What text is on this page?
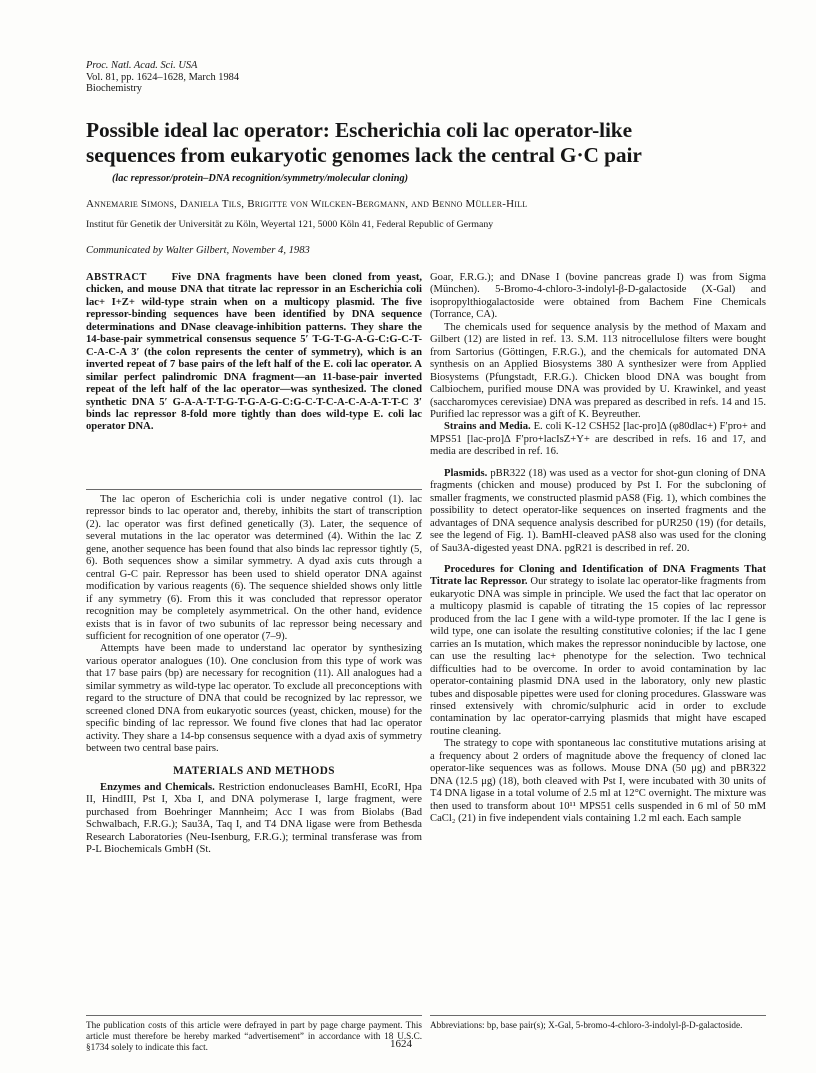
Proc. Natl. Acad. Sci. USA
Vol. 81, pp. 1624–1628, March 1984
Biochemistry
Possible ideal lac operator: Escherichia coli lac operator-like
sequences from eukaryotic genomes lack the central G·C pair
(lac repressor/protein–DNA recognition/symmetry/molecular cloning)
Annemarie Simons, Daniela Tils, Brigitte von Wilcken-Bergmann, and Benno Müller-Hill
Institut für Genetik der Universität zu Köln, Weyertal 121, 5000 Köln 41, Federal Republic of Germany
Communicated by Walter Gilbert, November 4, 1983

ABSTRACT Five DNA fragments have been cloned from yeast, chicken, and mouse DNA that titrate lac repressor in an Escherichia coli lac+ I+Z+ wild-type strain when on a multicopy plasmid. The five repressor-binding sequences have been identified by DNA sequence determinations and DNase cleavage-inhibition patterns. They share the 14-base-pair symmetrical consensus sequence 5′ T-G-T-G-A-G-C:G-C-T-C-A-C-A 3′ (the colon represents the center of symmetry), which is an inverted repeat of 7 base pairs of the left half of the E. coli lac operator. A similar perfect palindromic DNA fragment—an 11-base-pair inverted repeat of the left half of the lac operator—was synthesized. The cloned synthetic DNA 5′ G-A-A-T-T-G-T-G-A-G-C:G-C-T-C-A-C-A-A-T-T-C 3′ binds lac repressor 8-fold more tightly than does wild-type E. coli lac operator DNA.

The lac operon of Escherichia coli is under negative control (1). lac repressor binds to lac operator and, thereby, inhibits the start of transcription (2). lac operator was first defined genetically (3). Later, the sequence of several mutations in the lac operator was determined (4). Within the lac Z gene, another sequence has been found that also binds lac repressor tightly (5, 6). Both sequences show a similar symmetry. A dyad axis cuts through a central G-C pair. Repressor has been used to shield operator DNA against modification by various reagents (6). The sequence shielded shows only little if any symmetry (6). From this it was concluded that repressor operator recognition may be completely asymmetrical. On the other hand, evidence exists that is in favor of two subunits of lac repressor being necessary and sufficient for recognition of one operator (7–9).

Attempts have been made to understand lac operator by synthesizing various operator analogues (10). One conclusion from this type of work was that 17 base pairs (bp) are necessary for recognition (11). All analogues had a similar symmetry as wild-type lac operator. To exclude all preconceptions with regard to the structure of DNA that could be recognized by lac repressor, we screened cloned DNA from eukaryotic sources (yeast, chicken, mouse) for the specific binding of lac repressor. We found five clones that had lac operator activity. They share a 14-bp consensus sequence with a dyad axis of symmetry between two central base pairs.

MATERIALS AND METHODS

Enzymes and Chemicals. Restriction endonucleases BamHI, EcoRI, Hpa II, HindIII, Pst I, Xba I, and DNA polymerase I, large fragment, were purchased from Boehringer Mannheim; Acc I was from Biolabs (Bad Schwalbach, F.R.G.); Sau3A, Taq I, and T4 DNA ligase were from Bethesda Research Laboratories (Neu-Isenburg, F.R.G.); terminal transferase was from P-L Biochemicals GmbH (St.

The publication costs of this article were defrayed in part by page charge payment. This article must therefore be hereby marked “advertisement” in accordance with 18 U.S.C. §1734 solely to indicate this fact.

Goar, F.R.G.); and DNase I (bovine pancreas grade I) was from Sigma (München). 5-Bromo-4-chloro-3-indolyl-β-D-galactoside (X-Gal) and isopropylthiogalactoside were obtained from Bachem Fine Chemicals (Torrance, CA).

The chemicals used for sequence analysis by the method of Maxam and Gilbert (12) are listed in ref. 13. S.M. 113 nitrocellulose filters were bought from Sartorius (Göttingen, F.R.G.), and the chemicals for automated DNA synthesis on an Applied Biosystems 380 A synthesizer were from Applied Biosystems (Pfungstadt, F.R.G.). Chicken blood DNA was bought from Calbiochem, purified mouse DNA was provided by U. Krawinkel, and yeast (saccharomyces cerevisiae) DNA was prepared as described in refs. 14 and 15. Purified lac repressor was a gift of K. Beyreuther.

Strains and Media. E. coli K-12 CSH52 [lac-pro]Δ (φ80dlac+) F′pro+ and MPS51 [lac-pro]Δ F′pro+lacIsZ+Y+ are described in refs. 16 and 17, and media are described in ref. 16.

Plasmids. pBR322 (18) was used as a vector for shot-gun cloning of DNA fragments (chicken and mouse) produced by Pst I. For the subcloning of smaller fragments, we constructed plasmid pAS8 (Fig. 1), which combines the possibility to detect operator-like sequences on inserted fragments and the advantages of DNA sequence analysis described for pUR250 (19) (for details, see the legend of Fig. 1). BamHI-cleaved pAS8 also was used for the cloning of Sau3A-digested yeast DNA. pgR21 is described in ref. 20.

Procedures for Cloning and Identification of DNA Fragments That Titrate lac Repressor. Our strategy to isolate lac operator-like fragments from eukaryotic DNA was simple in principle. We used the fact that lac operator on a multicopy plasmid is capable of titrating the 15 copies of lac repressor produced from the lac I gene with a wild-type promoter. If the lac I gene is wild type, one can isolate the resulting constitutive colonies; if the lac I gene carries an Is mutation, which makes the repressor noninducible by lactose, one can use the resulting lac+ phenotype for the selection. Two technical difficulties had to be overcome. In order to avoid contamination by lac operator-containing plasmid DNA used in the laboratory, only new plastic tubes and disposable pipettes were used for cloning procedures. Glassware was rinsed extensively with chromic/sulphuric acid in order to exclude contamination by lac operator-carrying plasmids that might have escaped routine cleaning.

The strategy to cope with spontaneous lac constitutive mutations arising at a frequency about 2 orders of magnitude above the frequency of cloned lac operator-like sequences was as follows. Mouse DNA (50 μg) and pBR322 DNA (12.5 μg) (18), both cleaved with Pst I, were incubated with 30 units of T4 DNA ligase in a total volume of 2.5 ml at 12°C overnight. The mixture was then used to transform about 10¹¹ MPS51 cells suspended in 6 ml of 50 mM CaCl₂ (21) in five independent vials containing 1.2 ml each. Each sample

Abbreviations: bp, base pair(s); X-Gal, 5-bromo-4-chloro-3-indolyl-β-D-galactoside.

1624
